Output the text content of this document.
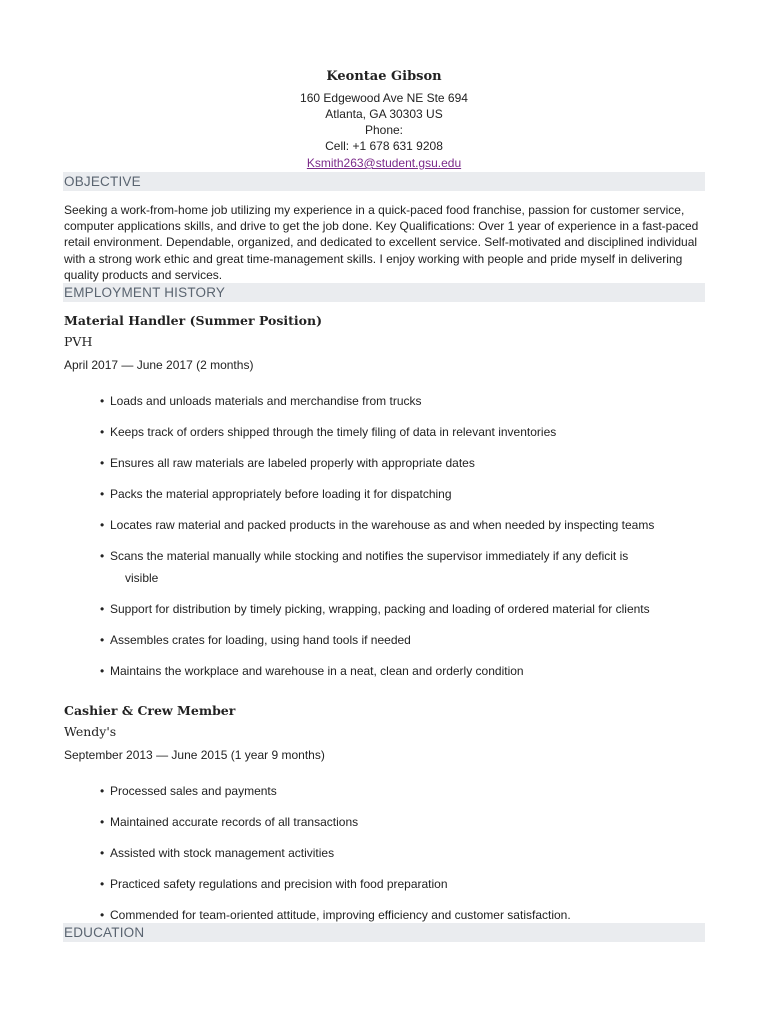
Keontae Gibson
160 Edgewood Ave NE Ste 694
Atlanta, GA 30303 US
Phone:
Cell: +1 678 631 9208
Ksmith263@student.gsu.edu
OBJECTIVE
Seeking a work-from-home job utilizing my experience in a quick-paced food franchise, passion for customer service, computer applications skills, and drive to get the job done. Key Qualifications: Over 1 year of experience in a fast-paced retail environment. Dependable, organized, and dedicated to excellent service. Self-motivated and disciplined individual with a strong work ethic and great time-management skills. I enjoy working with people and pride myself in delivering quality products and services.
EMPLOYMENT HISTORY
Material Handler (Summer Position)
PVH
April 2017 — June 2017 (2 months)
• Loads and unloads materials and merchandise from trucks
• Keeps track of orders shipped through the timely filing of data in relevant inventories
• Ensures all raw materials are labeled properly with appropriate dates
• Packs the material appropriately before loading it for dispatching
• Locates raw material and packed products in the warehouse as and when needed by inspecting teams
• Scans the material manually while stocking and notifies the supervisor immediately if any deficit is
visible
• Support for distribution by timely picking, wrapping, packing and loading of ordered material for clients
• Assembles crates for loading, using hand tools if needed
• Maintains the workplace and warehouse in a neat, clean and orderly condition
Cashier & Crew Member
Wendy's
September 2013 — June 2015 (1 year 9 months)
• Processed sales and payments
• Maintained accurate records of all transactions
• Assisted with stock management activities
• Practiced safety regulations and precision with food preparation
• Commended for team-oriented attitude, improving efficiency and customer satisfaction.
EDUCATION
